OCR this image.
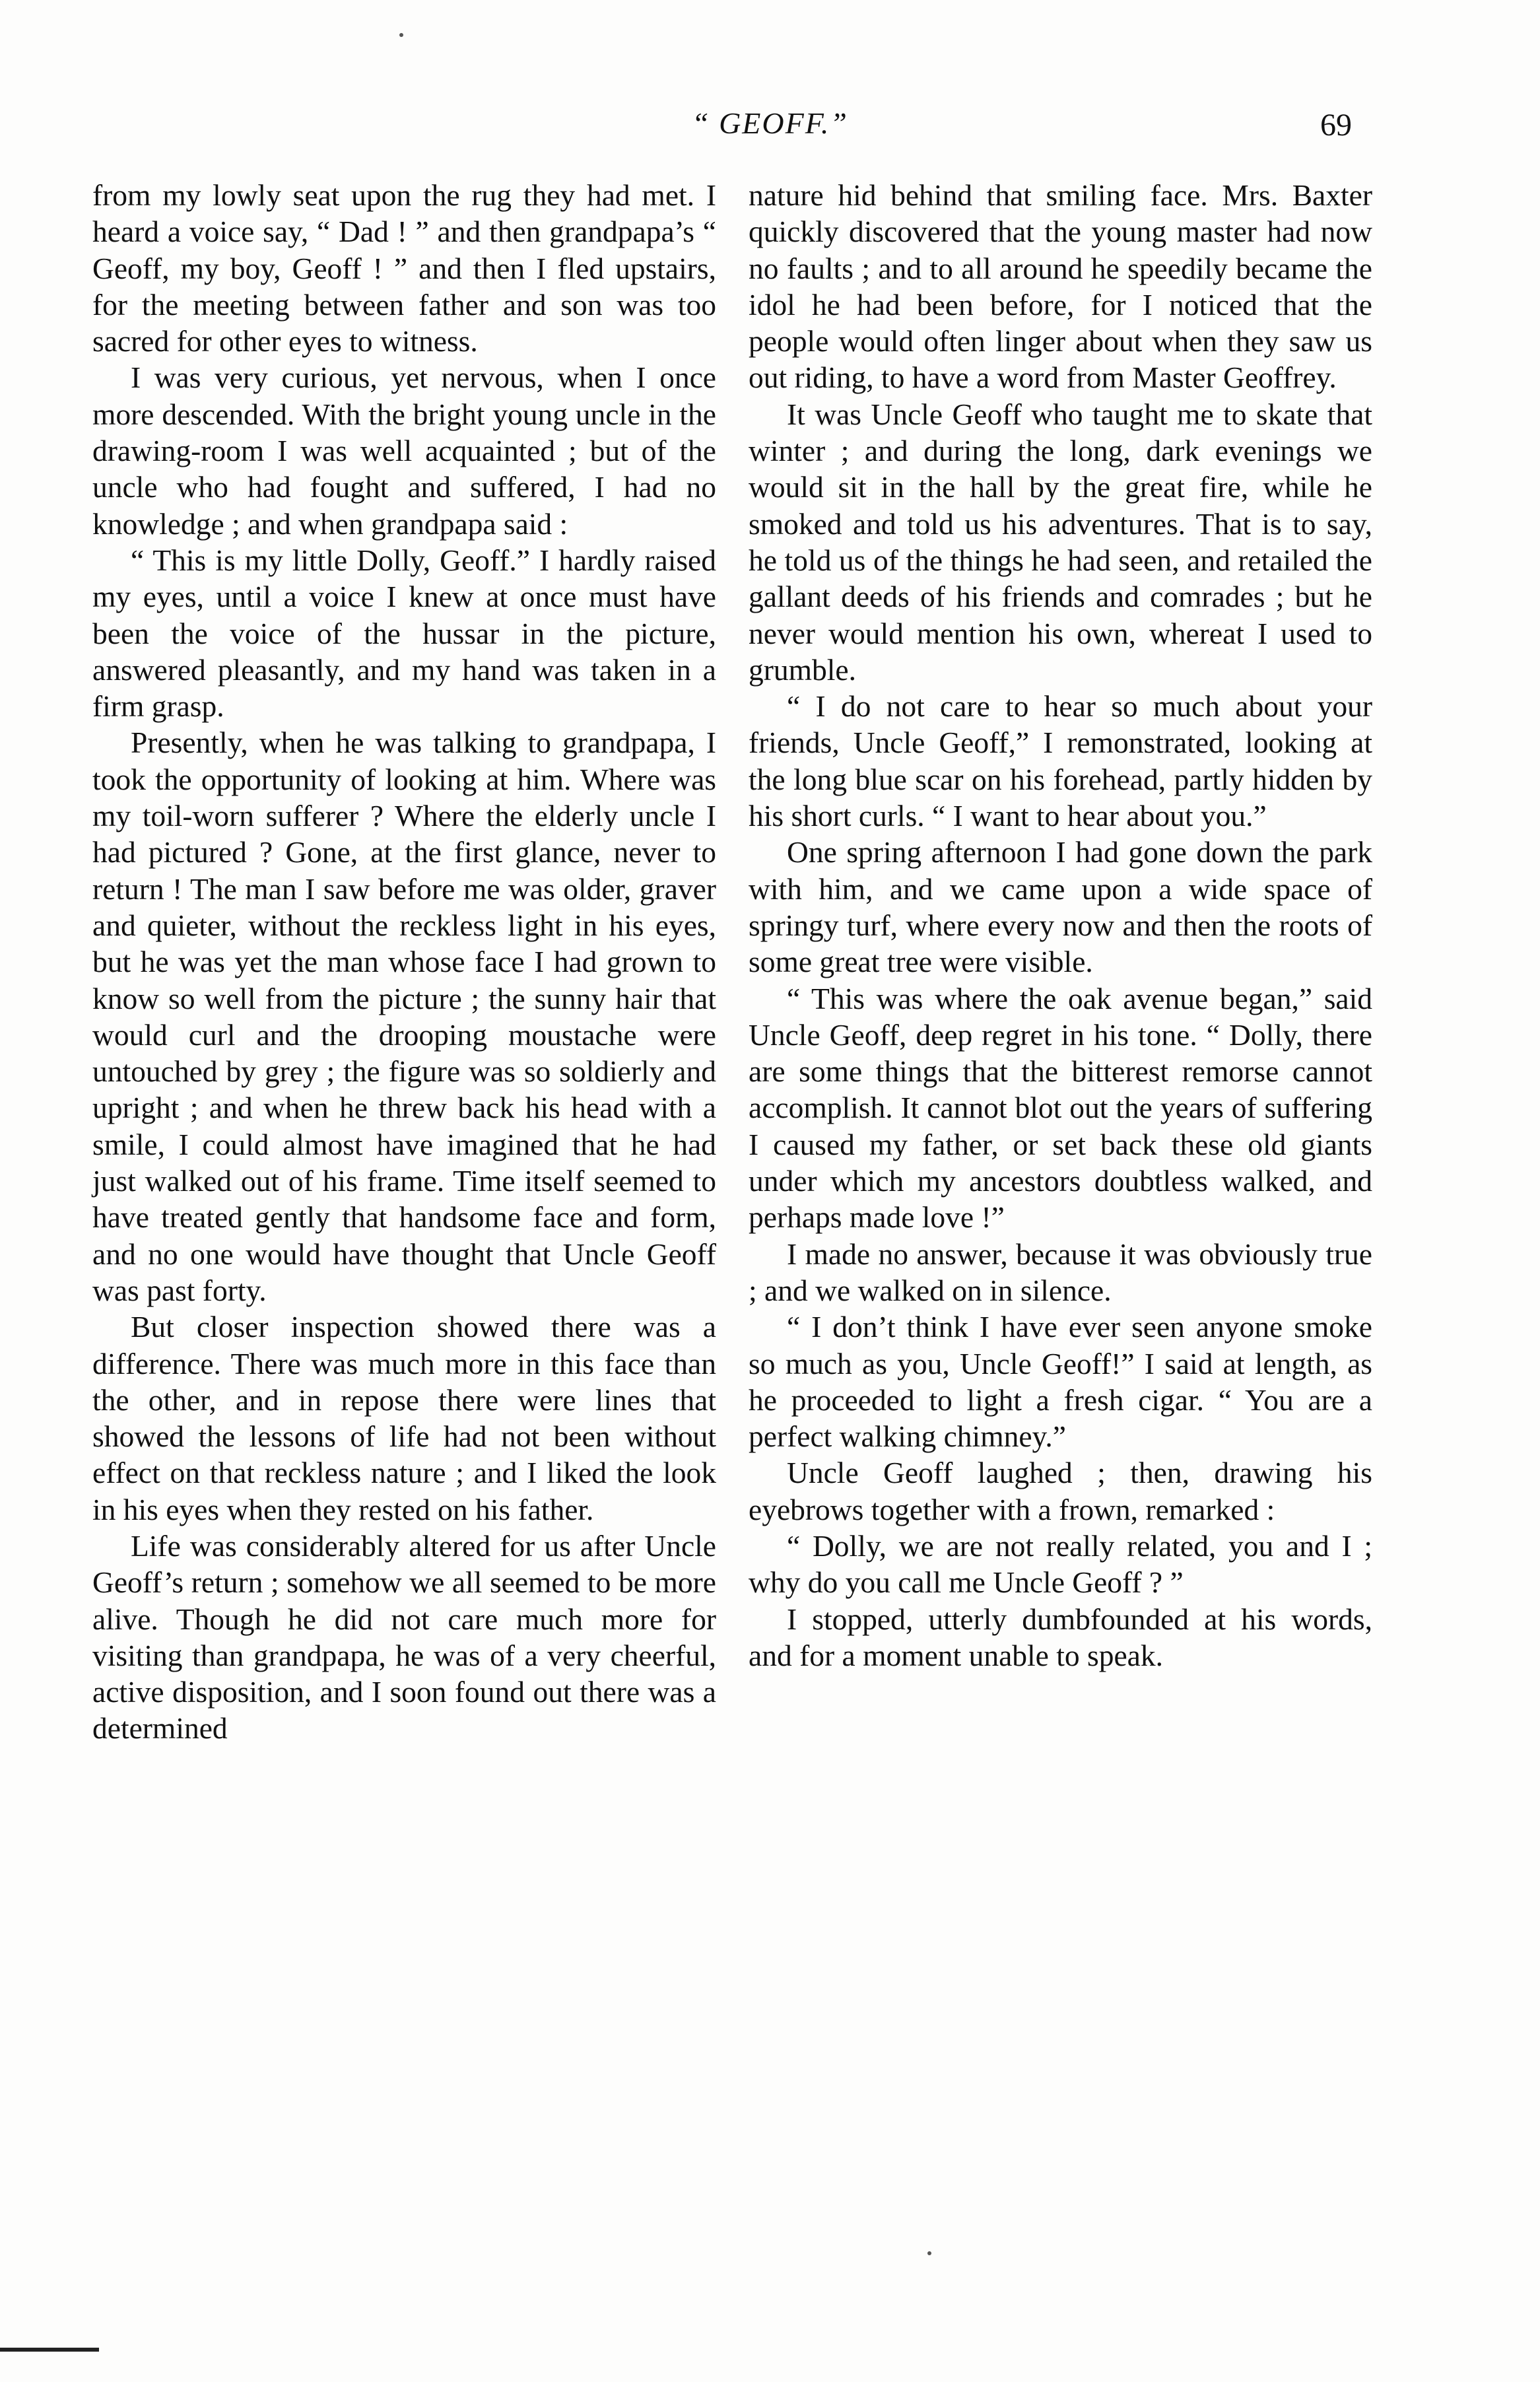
“ GEOFF.”	69

from my lowly seat upon the rug they had met. I heard a voice say, “ Dad ! ” and then grandpapa’s “ Geoff, my boy, Geoff ! ” and then I fled upstairs, for the meeting between father and son was too sacred for other eyes to witness.

I was very curious, yet nervous, when I once more descended. With the bright young uncle in the drawing-room I was well acquainted ; but of the uncle who had fought and suffered, I had no knowledge ; and when grandpapa said :

“ This is my little Dolly, Geoff.” I hardly raised my eyes, until a voice I knew at once must have been the voice of the hussar in the picture, answered pleasantly, and my hand was taken in a firm grasp.

Presently, when he was talking to grandpapa, I took the opportunity of looking at him. Where was my toil-worn sufferer ? Where the elderly uncle I had pictured ? Gone, at the first glance, never to return ! The man I saw before me was older, graver and quieter, without the reckless light in his eyes, but he was yet the man whose face I had grown to know so well from the picture ; the sunny hair that would curl and the drooping moustache were untouched by grey ; the figure was so soldierly and upright ; and when he threw back his head with a smile, I could almost have imagined that he had just walked out of his frame. Time itself seemed to have treated gently that handsome face and form, and no one would have thought that Uncle Geoff was past forty.

But closer inspection showed there was a difference. There was much more in this face than the other, and in repose there were lines that showed the lessons of life had not been without effect on that reckless nature ; and I liked the look in his eyes when they rested on his father.

Life was considerably altered for us after Uncle Geoff’s return ; somehow we all seemed to be more alive. Though he did not care much more for visiting than grandpapa, he was of a very cheerful, active disposition, and I soon found out there was a determined

nature hid behind that smiling face. Mrs. Baxter quickly discovered that the young master had now no faults ; and to all around he speedily became the idol he had been before, for I noticed that the people would often linger about when they saw us out riding, to have a word from Master Geoffrey.

It was Uncle Geoff who taught me to skate that winter ; and during the long, dark evenings we would sit in the hall by the great fire, while he smoked and told us his adventures. That is to say, he told us of the things he had seen, and retailed the gallant deeds of his friends and comrades ; but he never would mention his own, whereat I used to grumble.

“ I do not care to hear so much about your friends, Uncle Geoff,” I remonstrated, looking at the long blue scar on his forehead, partly hidden by his short curls. “ I want to hear about you.”

One spring afternoon I had gone down the park with him, and we came upon a wide space of springy turf, where every now and then the roots of some great tree were visible.

“ This was where the oak avenue began,” said Uncle Geoff, deep regret in his tone. “ Dolly, there are some things that the bitterest remorse cannot accomplish. It cannot blot out the years of suffering I caused my father, or set back these old giants under which my ancestors doubtless walked, and perhaps made love !”

I made no answer, because it was obviously true ; and we walked on in silence.

“ I don’t think I have ever seen anyone smoke so much as you, Uncle Geoff!” I said at length, as he proceeded to light a fresh cigar. “ You are a perfect walking chimney.”

Uncle Geoff laughed ; then, drawing his eyebrows together with a frown, remarked :

“ Dolly, we are not really related, you and I ; why do you call me Uncle Geoff ? ”

I stopped, utterly dumbfounded at his words, and for a moment unable to speak.
